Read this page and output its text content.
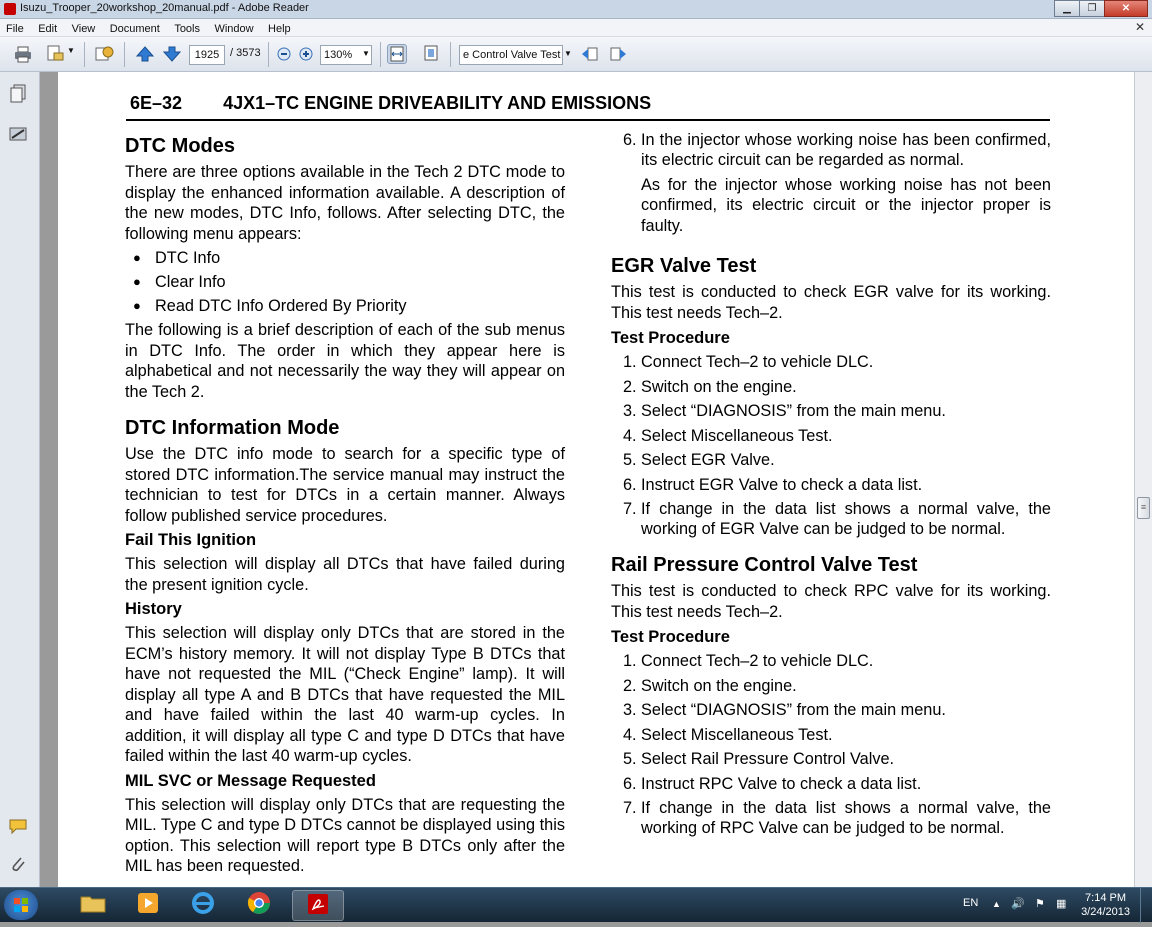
Isuzu_Trooper_20workshop_20manual.pdf - Adobe Reader	▁	❐	✕
File Edit View Document Tools Window Help	✕
▼	1925 / 3573	130%	▼	e Control Valve Test ▼
6E–32 4JX1–TC ENGINE DRIVEABILITY AND EMISSIONS
DTC Modes

There are three options available in the Tech 2 DTC mode to display the enhanced information available. A description of the new modes, DTC Info, follows. After selecting DTC, the following menu appears:

● DTC Info
● Clear Info
● Read DTC Info Ordered By Priority

The following is a brief description of each of the sub menus in DTC Info. The order in which they appear here is alphabetical and not necessarily the way they will appear on the Tech 2.

DTC Information Mode

Use the DTC info mode to search for a specific type of stored DTC information.The service manual may instruct the technician to test for DTCs in a certain manner. Always follow published service procedures.

Fail This Ignition

This selection will display all DTCs that have failed during the present ignition cycle.

History

This selection will display only DTCs that are stored in the ECM’s history memory. It will not display Type B DTCs that have not requested the MIL (“Check Engine” lamp). It will display all type A and B DTCs that have requested the MIL and have failed within the last 40 warm-up cycles. In addition, it will display all type C and type D DTCs that have failed within the last 40 warm-up cycles.

MIL SVC or Message Requested

This selection will display only DTCs that are requesting the MIL. Type C and type D DTCs cannot be displayed using this option. This selection will report type B DTCs only after the MIL has been requested.

6. In the injector whose working noise has been confirmed, its electric circuit can be regarded as normal.

As for the injector whose working noise has not been confirmed, its electric circuit or the injector proper is faulty.

EGR Valve Test

This test is conducted to check EGR valve for its working. This test needs Tech–2.

Test Procedure
1. Connect Tech–2 to vehicle DLC.
2. Switch on the engine.
3. Select “DIAGNOSIS” from the main menu.
4. Select Miscellaneous Test.
5. Select EGR Valve.
6. Instruct EGR Valve to check a data list.
7. If change in the data list shows a normal valve, the working of EGR Valve can be judged to be normal.
Rail Pressure Control Valve Test

This test is conducted to check RPC valve for its working. This test needs Tech–2.

Test Procedure
1. Connect Tech–2 to vehicle DLC.
2. Switch on the engine.
3. Select “DIAGNOSIS” from the main menu.
4. Select Miscellaneous Test.
5. Select Rail Pressure Control Valve.
6. Instruct RPC Valve to check a data list.
7. If change in the data list shows a normal valve, the working of RPC Valve can be judged to be normal.
≡
EN ▲ 🔊 ⚑ ▦	7:14 PM
3/24/2013
